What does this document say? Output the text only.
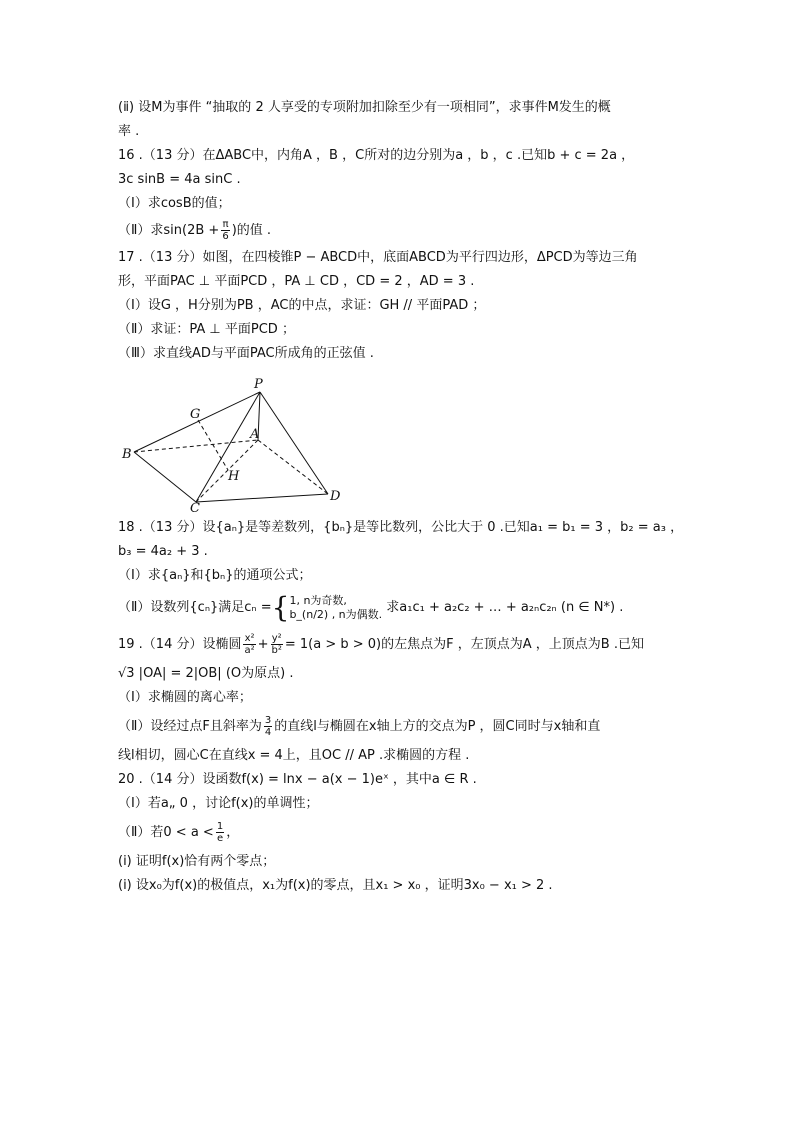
(ⅱ) 设M为事件 “抽取的 2 人享受的专项附加扣除至少有一项相同”，求事件M发生的概
率 .
16 .（13 分）在ΔABC中，内角A ，B ，C所对的边分别为a ，b ，c .已知b + c = 2a ，
3c sinB = 4a sinC .
（Ⅰ）求cosB的值；
（Ⅱ）求$\sin(2B + \frac{\pi}{6}$ )的值 .
17 .（13 分）如图，在四棱锥P − ABCD中，底面ABCD为平行四边形，ΔPCD为等边三角
形，平面PAC ⊥ 平面PCD ，PA ⊥ CD ，CD = 2 ，AD = 3 .
（Ⅰ）设G ，H分别为PB ，AC的中点，求证：GH // 平面PAD ；
（Ⅱ）求证：PA ⊥ 平面PCD ；
（Ⅲ）求直线AD与平面PAC所成角的正弦值 .
18 .（13 分）设{aₙ}是等差数列，{bₙ}是等比数列，公比大于 0 .已知a₁ = b₁ = 3 ，b₂ = a₃ ，
b₃ = 4a₂ + 3 .
（Ⅰ）求{aₙ}和{bₙ}的通项公式；
（Ⅱ）设数列{cₙ}满足cₙ ={ 1, n为奇数,
b_(n/2) , n为偶数. 求a₁c₁ + a₂c₂ + … + a₂ₙc₂ₙ (n ∈ N*) .
19 .（14 分）设椭圆 $\frac{\text{x²}}{\text{a²}} + \frac{\text{y²}}{\text{b²}} = 1(a > b > 0)$的左焦点为F ，左顶点为A ，上顶点为B .已知
√3 |OA| = 2|OB| (O为原点) .
（Ⅰ）求椭圆的离心率；
（Ⅱ）设经过点F且斜率为 $\frac{3}{4}$ 的直线l与椭圆在x轴上方的交点为P ，圆C同时与x轴和直
线l相切，圆心C在直线x = 4上，且OC // AP .求椭圆的方程 .
20 .（14 分）设函数f(x) = lnx − a(x − 1)eˣ ，其中a ∈ R .
（Ⅰ）若a„ 0 ，讨论f(x)的单调性；
（Ⅱ）若$0 < a < \frac{1}{e}$ ，
(ⅰ) 证明f(x)恰有两个零点；
(ⅰ) 设x₀为f(x)的极值点，x₁为f(x)的零点，且x₁ > x₀ ，证明3x₀ − x₁ > 2 .
P
G
A
B
H
C
D
